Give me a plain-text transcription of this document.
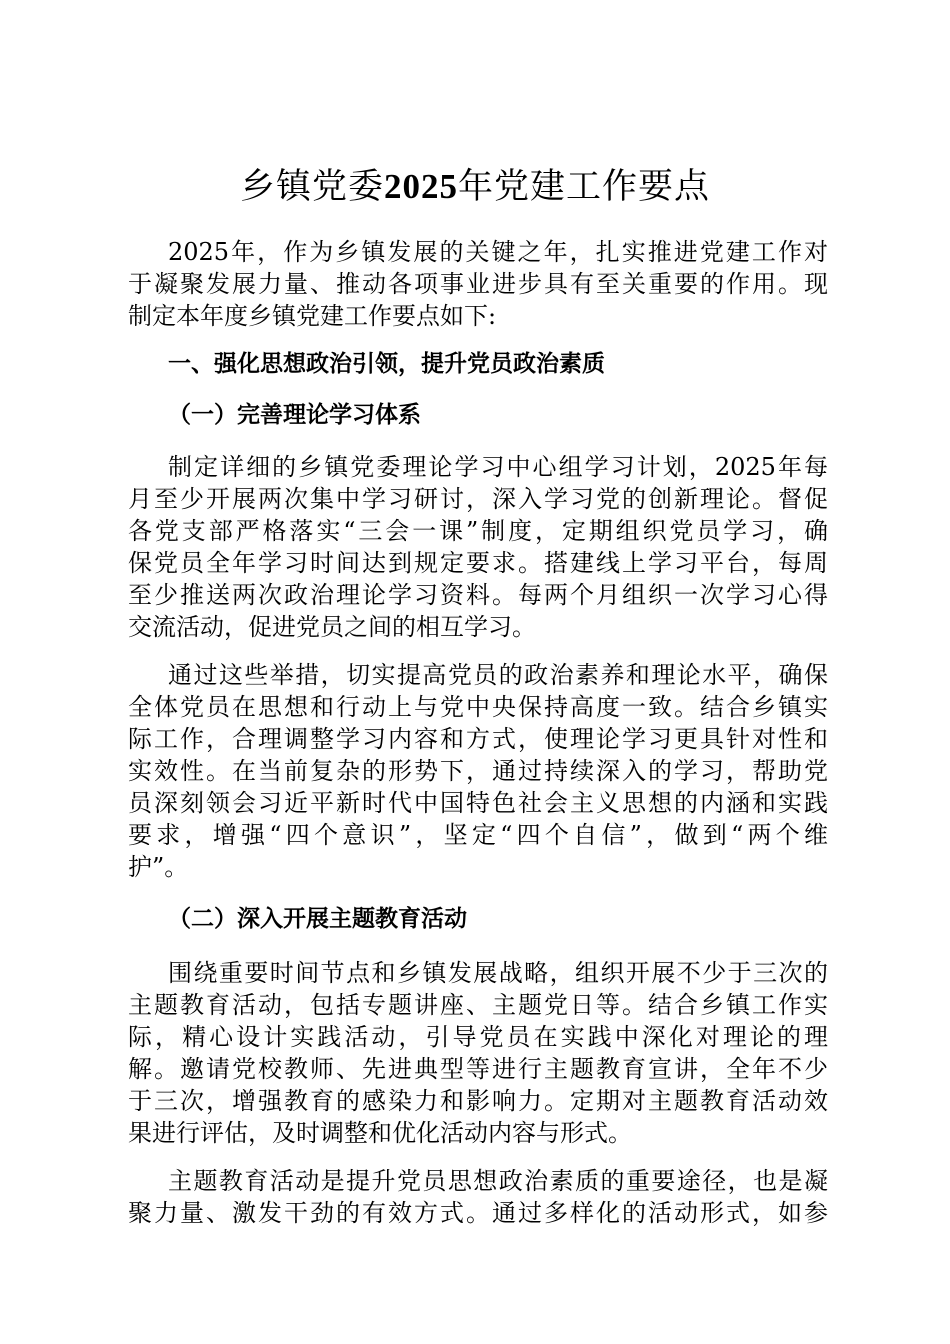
乡镇党委2025年党建工作要点
2025年，作为乡镇发展的关键之年，扎实推进党建工作对
于凝聚发展力量、推动各项事业进步具有至关重要的作用。现
制定本年度乡镇党建工作要点如下:
一、强化思想政治引领，提升党员政治素质
（一）完善理论学习体系
制定详细的乡镇党委理论学习中心组学习计划，2025年每
月至少开展两次集中学习研讨，深入学习党的创新理论。督促
各党支部严格落实“三会一课”制度，定期组织党员学习，确
保党员全年学习时间达到规定要求。搭建线上学习平台，每周
至少推送两次政治理论学习资料。每两个月组织一次学习心得
交流活动，促进党员之间的相互学习。
通过这些举措，切实提高党员的政治素养和理论水平，确保
全体党员在思想和行动上与党中央保持高度一致。结合乡镇实
际工作，合理调整学习内容和方式，使理论学习更具针对性和
实效性。在当前复杂的形势下，通过持续深入的学习，帮助党
员深刻领会习近平新时代中国特色社会主义思想的内涵和实践
要求，增强“四个意识”，坚定“四个自信”，做到“两个维
护”。
（二）深入开展主题教育活动
围绕重要时间节点和乡镇发展战略，组织开展不少于三次的
主题教育活动，包括专题讲座、主题党日等。结合乡镇工作实
际，精心设计实践活动，引导党员在实践中深化对理论的理
解。邀请党校教师、先进典型等进行主题教育宣讲，全年不少
于三次，增强教育的感染力和影响力。定期对主题教育活动效
果进行评估，及时调整和优化活动内容与形式。
主题教育活动是提升党员思想政治素质的重要途径，也是凝
聚力量、激发干劲的有效方式。通过多样化的活动形式，如参
